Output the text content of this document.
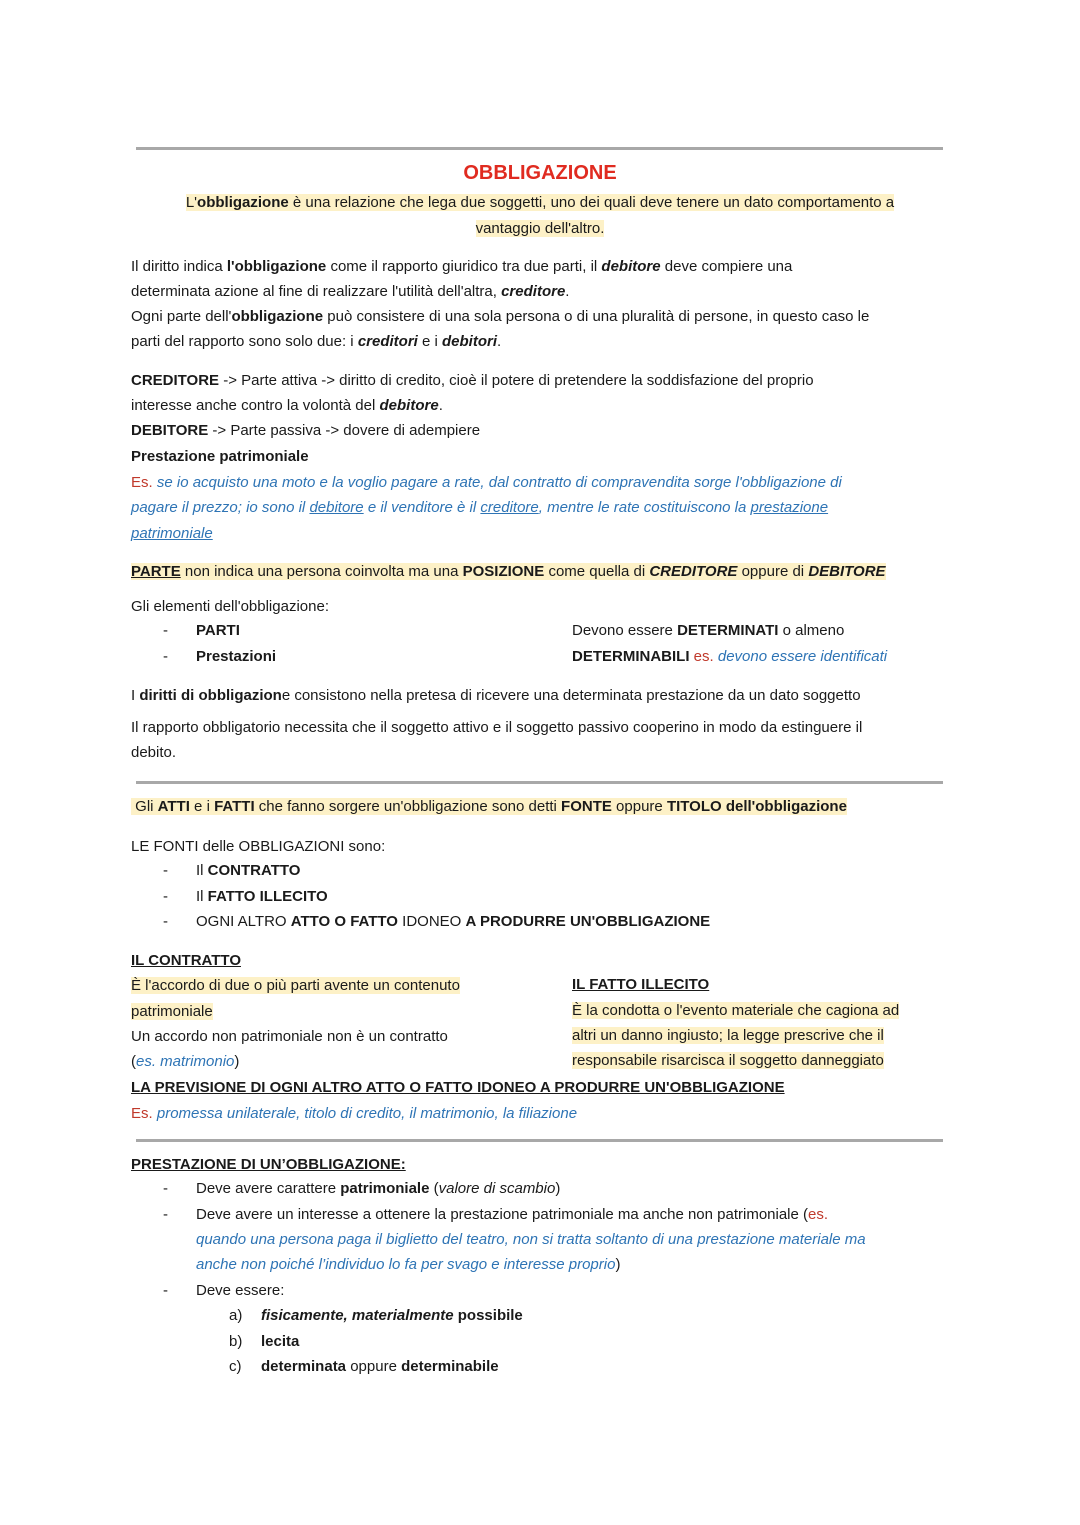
OBBLIGAZIONE
L'obbligazione è una relazione che lega due soggetti, uno dei quali deve tenere un dato comportamento a
vantaggio dell'altro.
Il diritto indica l'obbligazione come il rapporto giuridico tra due parti, il debitore deve compiere una
determinata azione al fine di realizzare l'utilità dell'altra, creditore.
Ogni parte dell'obbligazione può consistere di una sola persona o di una pluralità di persone, in questo caso le
parti del rapporto sono solo due: i creditori e i debitori.
CREDITORE -> Parte attiva -> diritto di credito, cioè il potere di pretendere la soddisfazione del proprio
interesse anche contro la volontà del debitore.
DEBITORE -> Parte passiva -> dovere di adempiere
Prestazione patrimoniale
Es. se io acquisto una moto e la voglio pagare a rate, dal contratto di compravendita sorge l'obbligazione di
pagare il prezzo; io sono il debitore e il venditore è il creditore, mentre le rate costituiscono la prestazione
patrimoniale
PARTE non indica una persona coinvolta ma una POSIZIONE come quella di CREDITORE oppure di DEBITORE
Gli elementi dell'obbligazione:
- PARTI
- Prestazioni
Devono essere DETERMINATI o almeno
DETERMINABILI es. devono essere identificati
I diritti di obbligazione consistono nella pretesa di ricevere una determinata prestazione da un dato soggetto
Il rapporto obbligatorio necessita che il soggetto attivo e il soggetto passivo cooperino in modo da estinguere il
debito.
Gli ATTI e i FATTI che fanno sorgere un'obbligazione sono detti FONTE oppure TITOLO dell'obbligazione
LE FONTI delle OBBLIGAZIONI sono:
- Il CONTRATTO
- Il FATTO ILLECITO
- OGNI ALTRO ATTO O FATTO IDONEO A PRODURRE UN'OBBLIGAZIONE
IL CONTRATTO
È l'accordo di due o più parti avente un contenuto
patrimoniale
Un accordo non patrimoniale non è un contratto
(es. matrimonio)
IL FATTO ILLECITO
È la condotta o l'evento materiale che cagiona ad
altri un danno ingiusto; la legge prescrive che il
responsabile risarcisca il soggetto danneggiato
LA PREVISIONE DI OGNI ALTRO ATTO O FATTO IDONEO A PRODURRE UN'OBBLIGAZIONE
Es. promessa unilaterale, titolo di credito, il matrimonio, la filiazione
PRESTAZIONE DI UN’OBBLIGAZIONE:
- Deve avere carattere patrimoniale (valore di scambio)
- Deve avere un interesse a ottenere la prestazione patrimoniale ma anche non patrimoniale (es.
quando una persona paga il biglietto del teatro, non si tratta soltanto di una prestazione materiale ma
anche non poiché l’individuo lo fa per svago e interesse proprio)
- Deve essere:
a) fisicamente, materialmente possibile
b) lecita
c) determinata oppure determinabile
